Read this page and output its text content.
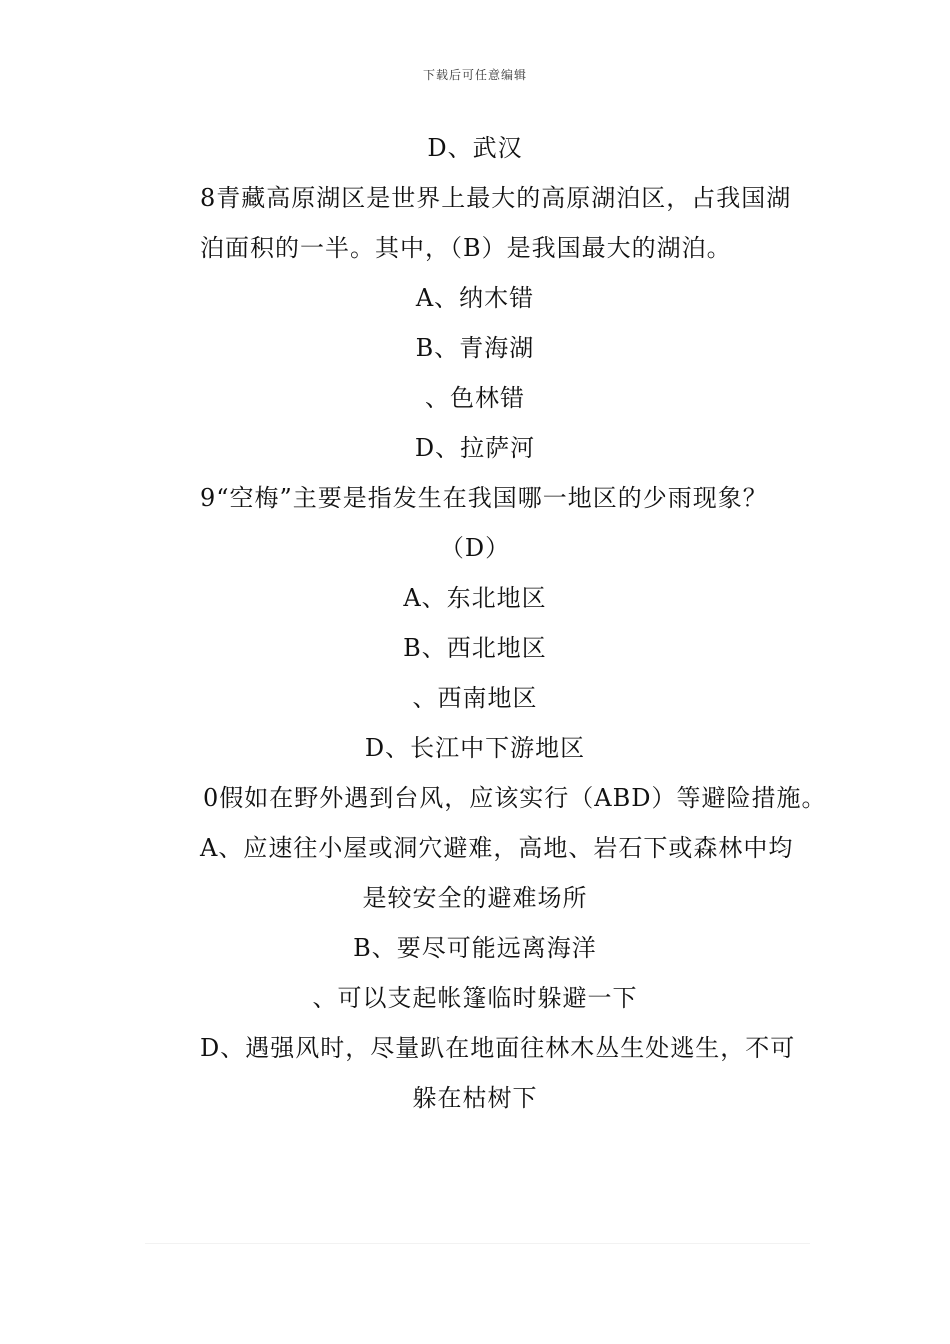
下载后可任意编辑
D、武汉
8青藏高原湖区是世界上最大的高原湖泊区，占我国湖
泊面积的一半。其中，（B）是我国最大的湖泊。
A、纳木错
B、青海湖
、色林错
D、拉萨河
9“空梅”主要是指发生在我国哪一地区的少雨现象？
（D）
A、东北地区
B、西北地区
、西南地区
D、长江中下游地区
0假如在野外遇到台风，应该实行（ABD）等避险措施。
A、应速往小屋或洞穴避难，高地、岩石下或森林中均
是较安全的避难场所
B、要尽可能远离海洋
、可以支起帐篷临时躲避一下
D、遇强风时，尽量趴在地面往林木丛生处逃生，不可
躲在枯树下
